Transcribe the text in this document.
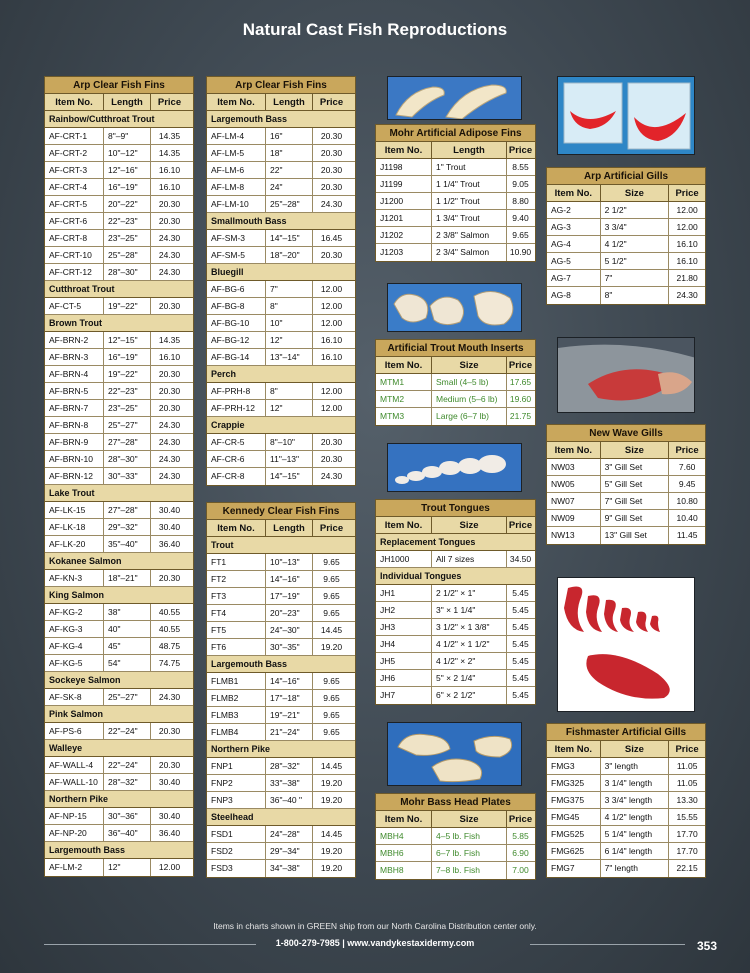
Natural Cast Fish Reproductions
Arp Clear Fish Fins
Item No.	Length	Price
Rainbow/Cutthroat Trout
AF-CRT-1	8"–9"	14.35
AF-CRT-2	10"–12"	14.35
AF-CRT-3	12"–16"	16.10
AF-CRT-4	16"–19"	16.10
AF-CRT-5	20"–22"	20.30
AF-CRT-6	22"–23"	20.30
AF-CRT-8	23"–25"	24.30
AF-CRT-10	25"–28"	24.30
AF-CRT-12	28"–30"	24.30
Cutthroat Trout
AF-CT-5	19"–22"	20.30
Brown Trout
AF-BRN-2	12"–15"	14.35
AF-BRN-3	16"–19"	16.10
AF-BRN-4	19"–22"	20.30
AF-BRN-5	22"–23"	20.30
AF-BRN-7	23"–25"	20.30
AF-BRN-8	25"–27"	24.30
AF-BRN-9	27"–28"	24.30
AF-BRN-10	28"–30"	24.30
AF-BRN-12	30"–33"	24.30
Lake Trout
AF-LK-15	27"–28"	30.40
AF-LK-18	29"–32"	30.40
AF-LK-20	35"–40"	36.40
Kokanee Salmon
AF-KN-3	18"–21"	20.30
King Salmon
AF-KG-2	38"	40.55
AF-KG-3	40"	40.55
AF-KG-4	45"	48.75
AF-KG-5	54"	74.75
Sockeye Salmon
AF-SK-8	25"–27"	24.30
Pink Salmon
AF-PS-6	22"–24"	20.30
Walleye
AF-WALL-4	22"–24"	20.30
AF-WALL-10	28"–32"	30.40
Northern Pike
AF-NP-15	30"–36"	30.40
AF-NP-20	36"–40"	36.40
Largemouth Bass
AF-LM-2	12"	12.00
Arp Clear Fish Fins
Item No.	Length	Price
Largemouth Bass
AF-LM-4	16"	20.30
AF-LM-5	18"	20.30
AF-LM-6	22"	20.30
AF-LM-8	24"	20.30
AF-LM-10	25"–28"	24.30
Smallmouth Bass
AF-SM-3	14"–15"	16.45
AF-SM-5	18"–20"	20.30
Bluegill
AF-BG-6	7"	12.00
AF-BG-8	8"	12.00
AF-BG-10	10"	12.00
AF-BG-12	12"	16.10
AF-BG-14	13"–14"	16.10
Perch
AF-PRH-8	8"	12.00
AF-PRH-12	12"	12.00
Crappie
AF-CR-5	8"–10"	20.30
AF-CR-6	11"–13"	20.30
AF-CR-8	14"–15"	24.30
Kennedy Clear Fish Fins
Item No.	Length	Price
Trout
FT1	10"–13"	9.65
FT2	14"–16"	9.65
FT3	17"–19"	9.65
FT4	20"–23"	9.65
FT5	24"–30"	14.45
FT6	30"–35"	19.20
Largemouth Bass
FLMB1	14"–16"	9.65
FLMB2	17"–18"	9.65
FLMB3	19"–21"	9.65
FLMB4	21"–24"	9.65
Northern Pike
FNP1	28"–32"	14.45
FNP2	33"–38"	19.20
FNP3	36"–40 "	19.20
Steelhead
FSD1	24"–28"	14.45
FSD2	29"–34"	19.20
FSD3	34"–38"	19.20
Mohr Artificial Adipose Fins
Item No.	Length	Price
J1198	1" Trout	8.55
J1199	1 1/4" Trout	9.05
J1200	1 1/2" Trout	8.80
J1201	1 3/4" Trout	9.40
J1202	2 3/8" Salmon	9.65
J1203	2 3/4" Salmon	10.90
Artificial Trout Mouth Inserts
Item No.	Size	Price
MTM1	Small (4–5 lb)	17.65
MTM2	Medium (5–6 lb)	19.60
MTM3	Large (6–7 lb)	21.75
Trout Tongues
Item No.	Size	Price
Replacement Tongues
JH1000	All 7 sizes	34.50
Individual Tongues
JH1	2 1/2" × 1"	5.45
JH2	3" × 1 1/4"	5.45
JH3	3 1/2" × 1 3/8"	5.45
JH4	4 1/2" × 1 1/2"	5.45
JH5	4 1/2" × 2"	5.45
JH6	5" × 2 1/4"	5.45
JH7	6" × 2 1/2"	5.45
Mohr Bass Head Plates
Item No.	Size	Price
MBH4	4–5 lb. Fish	5.85
MBH6	6–7 lb. Fish	6.90
MBH8	7–8 lb. Fish	7.00
Arp Artificial Gills
Item No.	Size	Price
AG-2	2 1/2"	12.00
AG-3	3 3/4"	12.00
AG-4	4 1/2"	16.10
AG-5	5 1/2"	16.10
AG-7	7"	21.80
AG-8	8"	24.30
New Wave Gills
Item No.	Size	Price
NW03	3" Gill Set	7.60
NW05	5" Gill Set	9.45
NW07	7" Gill Set	10.80
NW09	9" Gill Set	10.40
NW13	13" Gill Set	11.45
Fishmaster Artificial Gills
Item No.	Size	Price
FMG3	3" length	11.05
FMG325	3 1/4" length	11.05
FMG375	3 3/4" length	13.30
FMG45	4 1/2" length	15.55
FMG525	5 1/4" length	17.70
FMG625	6 1/4" length	17.70
FMG7	7" length	22.15
Items in charts shown in GREEN ship from our North Carolina Distribution center only.
1-800-279-7985 | www.vandykestaxidermy.com	353
